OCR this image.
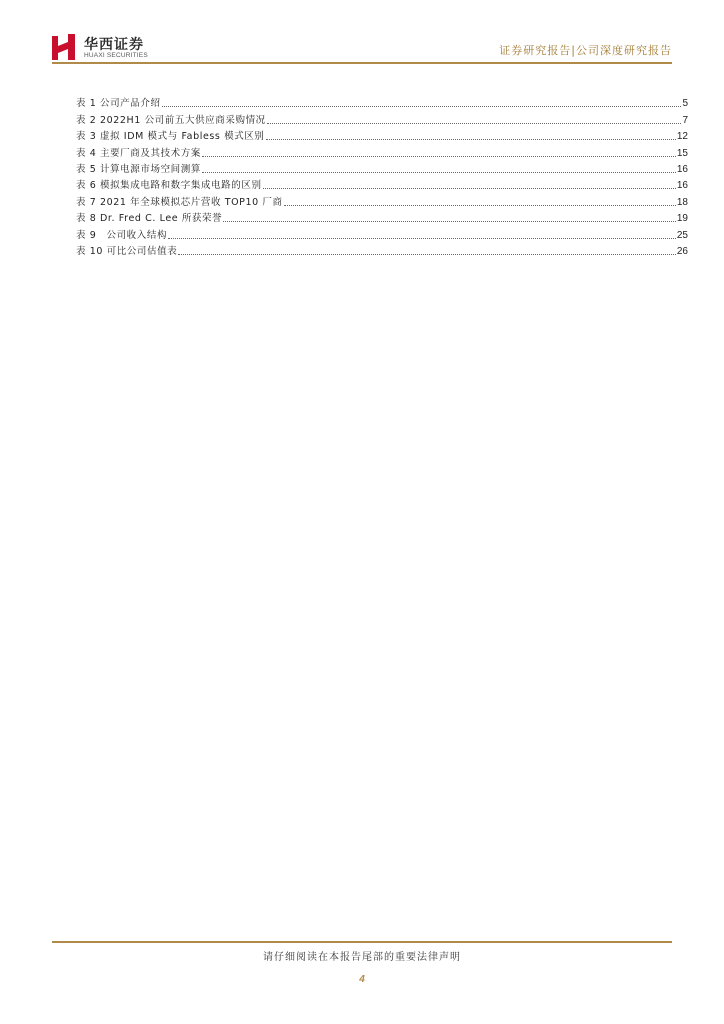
华西证券
HUAXI SECURITIES	证券研究报告|公司深度研究报告
表 1 公司产品介绍	5
表 2 2022H1 公司前五大供应商采购情况	7
表 3 虚拟 IDM 模式与 Fabless 模式区别	12
表 4 主要厂商及其技术方案	15
表 5 计算电源市场空间测算	16
表 6 模拟集成电路和数字集成电路的区别	16
表 7 2021 年全球模拟芯片营收 TOP10 厂商	18
表 8 Dr. Fred C. Lee 所获荣誉	19
表 9　公司收入结构	25
表 10 可比公司估值表	26
请仔细阅读在本报告尾部的重要法律声明
4
